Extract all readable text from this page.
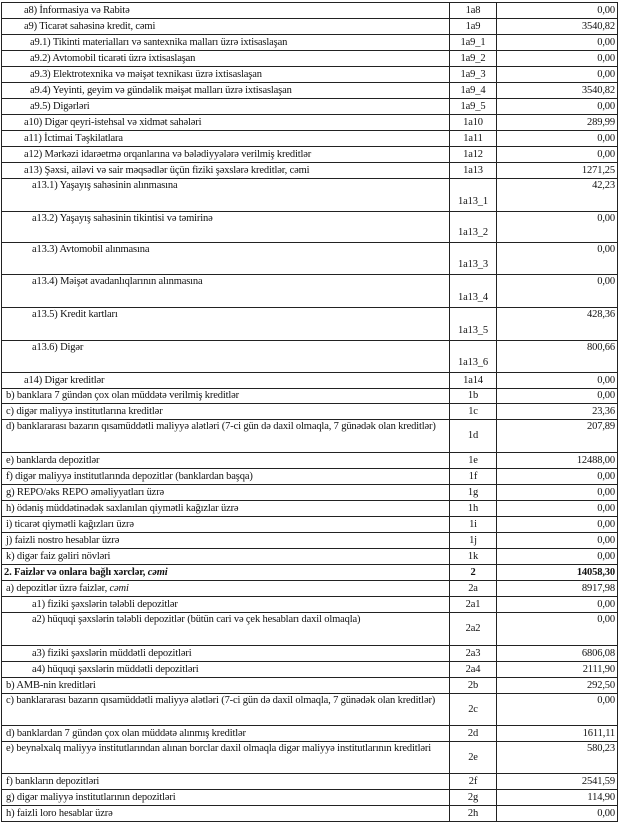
a8) İnformasiya və Rabitə	1a8	0,00
a9) Ticarət sahəsinə kredit, cəmi	1a9	3540,82
a9.1) Tikinti materialları və santexnika malları üzrə ixtisaslaşan	1a9_1	0,00
a9.2) Avtomobil ticarəti üzrə ixtisaslaşan	1a9_2	0,00
a9.3) Elektrotexnika və məişət texnikası üzrə ixtisaslaşan	1a9_3	0,00
a9.4) Yeyinti, geyim və gündəlik məişət malları üzrə ixtisaslaşan	1a9_4	3540,82
a9.5) Digərləri	1a9_5	0,00
a10) Digər qeyri-istehsal və xidmət sahələri	1a10	289,99
a11) İctimai Təşkilatlara	1a11	0,00
a12) Mərkəzi idarəetmə orqanlarına və bələdiyyələrə verilmiş kreditlər	1a12	0,00
a13) Şəxsi, ailəvi və sair məqsədlər üçün fiziki şəxslərə kreditlər, cəmi	1a13	1271,25
a13.1) Yaşayış sahəsinin alınmasına	1a13_1	42,23
a13.2) Yaşayış sahəsinin tikintisi və təmirinə	1a13_2	0,00
a13.3) Avtomobil alınmasına	1a13_3	0,00
a13.4) Məişət avadanlıqlarının alınmasına	1a13_4	0,00
a13.5) Kredit kartları	1a13_5	428,36
a13.6) Digər	1a13_6	800,66
a14) Digər kreditlər	1a14	0,00
b) banklara 7 gündən çox olan müddətə verilmiş kreditlər	1b	0,00
c) digər maliyyə institutlarına kreditlər	1c	23,36
d) banklararası bazarın qısamüddətli maliyyə alətləri (7-ci gün də daxil olmaqla, 7 günədək olan kreditlər)	1d	207,89
e) banklarda depozitlər	1e	12488,00
f) digər maliyyə institutlarında depozitlər (banklardan başqa)	1f	0,00
g) REPO/əks REPO əməliyyatları üzrə	1g	0,00
h) ödəniş müddətinədək saxlanılan qiymətli kağızlar üzrə	1h	0,00
i) ticarət qiymətli kağızları üzrə	1i	0,00
j) faizli nostro hesablar üzrə	1j	0,00
k) digər faiz gəliri növləri	1k	0,00
2. Faizlər və onlara bağlı xərclər, cəmi	2	14058,30
a) depozitlər üzrə faizlər, cəmi	2a	8917,98
a1) fiziki şəxslərin tələbli depozitlər	2a1	0,00
a2) hüquqi şəxslərin tələbli depozitlər (bütün cari və çek hesabları daxil olmaqla)	2a2	0,00
a3) fiziki şəxslərin müddətli depozitləri	2a3	6806,08
a4) hüquqi şəxslərin müddətli depozitləri	2a4	2111,90
b) AMB-nin kreditləri	2b	292,50
c) banklararası bazarın qısamüddətli maliyyə alətləri (7-ci gün də daxil olmaqla, 7 günədək olan kreditlər)	2c	0,00
d) banklardan 7 gündən çox olan müddətə alınmış kreditlər	2d	1611,11
e) beynəlxalq maliyyə institutlarından alınan borclar daxil olmaqla digər maliyyə institutlarının kreditləri	2e	580,23
f) bankların depozitləri	2f	2541,59
g) digər maliyyə institutlarının depozitləri	2g	114,90
h) faizli loro hesablar üzrə	2h	0,00
